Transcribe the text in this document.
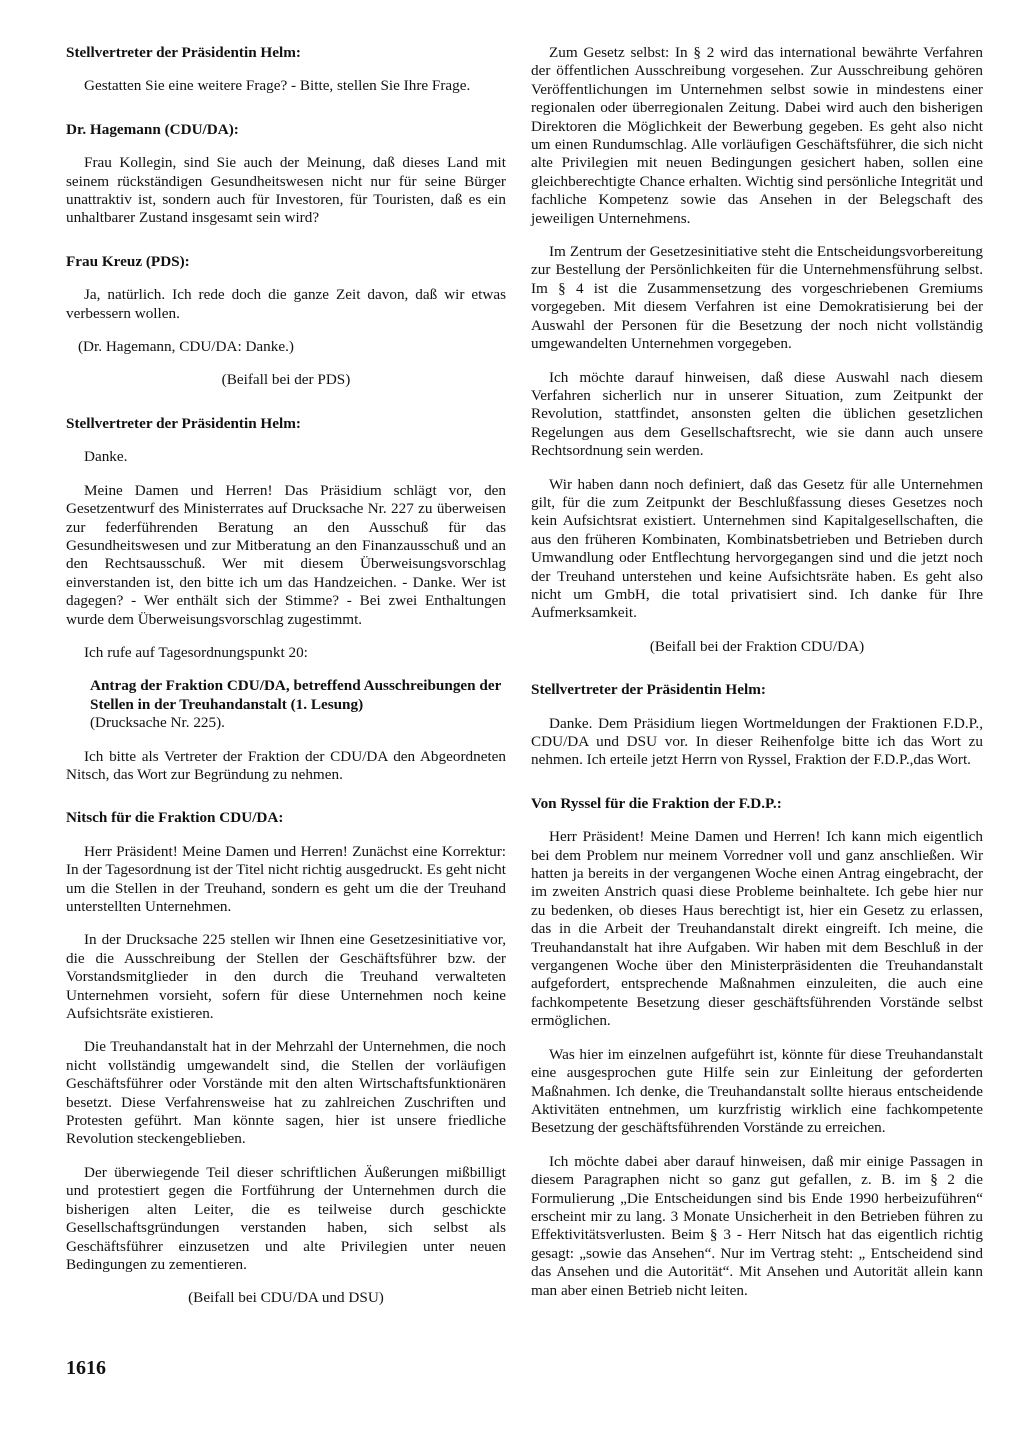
Stellvertreter der Präsidentin Helm:
Gestatten Sie eine weitere Frage? - Bitte, stellen Sie Ihre Frage.
Dr. Hagemann (CDU/DA):
Frau Kollegin, sind Sie auch der Meinung, daß dieses Land mit seinem rückständigen Gesundheitswesen nicht nur für seine Bürger unattraktiv ist, sondern auch für Investoren, für Touristen, daß es ein unhaltbarer Zustand insgesamt sein wird?
Frau Kreuz (PDS):
Ja, natürlich. Ich rede doch die ganze Zeit davon, daß wir etwas verbessern wollen.
(Dr. Hagemann, CDU/DA: Danke.)
(Beifall bei der PDS)
Stellvertreter der Präsidentin Helm:
Danke.
Meine Damen und Herren! Das Präsidium schlägt vor, den Gesetzentwurf des Ministerrates auf Drucksache Nr. 227 zu überweisen zur federführenden Beratung an den Ausschuß für das Gesundheitswesen und zur Mitberatung an den Finanzausschuß und an den Rechtsausschuß. Wer mit diesem Überweisungsvorschlag einverstanden ist, den bitte ich um das Handzeichen. - Danke. Wer ist dagegen? - Wer enthält sich der Stimme? - Bei zwei Enthaltungen wurde dem Überweisungsvorschlag zugestimmt.
Ich rufe auf Tagesordnungspunkt 20:
Antrag der Fraktion CDU/DA, betreffend Ausschreibungen der Stellen in der Treuhandanstalt (1. Lesung)
(Drucksache Nr. 225).
Ich bitte als Vertreter der Fraktion der CDU/DA den Abgeordneten Nitsch, das Wort zur Begründung zu nehmen.
Nitsch für die Fraktion CDU/DA:
Herr Präsident! Meine Damen und Herren! Zunächst eine Korrektur: In der Tagesordnung ist der Titel nicht richtig ausgedruckt. Es geht nicht um die Stellen in der Treuhand, sondern es geht um die der Treuhand unterstellten Unternehmen.
In der Drucksache 225 stellen wir Ihnen eine Gesetzesinitiative vor, die die Ausschreibung der Stellen der Geschäftsführer bzw. der Vorstandsmitglieder in den durch die Treuhand verwalteten Unternehmen vorsieht, sofern für diese Unternehmen noch keine Aufsichtsräte existieren.
Die Treuhandanstalt hat in der Mehrzahl der Unternehmen, die noch nicht vollständig umgewandelt sind, die Stellen der vorläufigen Geschäftsführer oder Vorstände mit den alten Wirtschaftsfunktionären besetzt. Diese Verfahrensweise hat zu zahlreichen Zuschriften und Protesten geführt. Man könnte sagen, hier ist unsere friedliche Revolution steckengeblieben.
Der überwiegende Teil dieser schriftlichen Äußerungen mißbilligt und protestiert gegen die Fortführung der Unternehmen durch die bisherigen alten Leiter, die es teilweise durch geschickte Gesellschaftsgründungen verstanden haben, sich selbst als Geschäftsführer einzusetzen und alte Privilegien unter neuen Bedingungen zu zementieren.
(Beifall bei CDU/DA und DSU)
Zum Gesetz selbst: In § 2 wird das international bewährte Verfahren der öffentlichen Ausschreibung vorgesehen. Zur Ausschreibung gehören Veröffentlichungen im Unternehmen selbst sowie in mindestens einer regionalen oder überregionalen Zeitung. Dabei wird auch den bisherigen Direktoren die Möglichkeit der Bewerbung gegeben. Es geht also nicht um einen Rundumschlag. Alle vorläufigen Geschäftsführer, die sich nicht alte Privilegien mit neuen Bedingungen gesichert haben, sollen eine gleichberechtigte Chance erhalten. Wichtig sind persönliche Integrität und fachliche Kompetenz sowie das Ansehen in der Belegschaft des jeweiligen Unternehmens.
Im Zentrum der Gesetzesinitiative steht die Entscheidungsvorbereitung zur Bestellung der Persönlichkeiten für die Unternehmensführung selbst. Im § 4 ist die Zusammensetzung des vorgeschriebenen Gremiums vorgegeben. Mit diesem Verfahren ist eine Demokratisierung bei der Auswahl der Personen für die Besetzung der noch nicht vollständig umgewandelten Unternehmen vorgegeben.
Ich möchte darauf hinweisen, daß diese Auswahl nach diesem Verfahren sicherlich nur in unserer Situation, zum Zeitpunkt der Revolution, stattfindet, ansonsten gelten die üblichen gesetzlichen Regelungen aus dem Gesellschaftsrecht, wie sie dann auch unsere Rechtsordnung sein werden.
Wir haben dann noch definiert, daß das Gesetz für alle Unternehmen gilt, für die zum Zeitpunkt der Beschlußfassung dieses Gesetzes noch kein Aufsichtsrat existiert. Unternehmen sind Kapitalgesellschaften, die aus den früheren Kombinaten, Kombinatsbetrieben und Betrieben durch Umwandlung oder Entflechtung hervorgegangen sind und die jetzt noch der Treuhand unterstehen und keine Aufsichtsräte haben. Es geht also nicht um GmbH, die total privatisiert sind. Ich danke für Ihre Aufmerksamkeit.
(Beifall bei der Fraktion CDU/DA)
Stellvertreter der Präsidentin Helm:
Danke. Dem Präsidium liegen Wortmeldungen der Fraktionen F.D.P., CDU/DA und DSU vor. In dieser Reihenfolge bitte ich das Wort zu nehmen. Ich erteile jetzt Herrn von Ryssel, Fraktion der F.D.P.,das Wort.
Von Ryssel für die Fraktion der F.D.P.:
Herr Präsident! Meine Damen und Herren! Ich kann mich eigentlich bei dem Problem nur meinem Vorredner voll und ganz anschließen. Wir hatten ja bereits in der vergangenen Woche einen Antrag eingebracht, der im zweiten Anstrich quasi diese Probleme beinhaltete. Ich gebe hier nur zu bedenken, ob dieses Haus berechtigt ist, hier ein Gesetz zu erlassen, das in die Arbeit der Treuhandanstalt direkt eingreift. Ich meine, die Treuhandanstalt hat ihre Aufgaben. Wir haben mit dem Beschluß in der vergangenen Woche über den Ministerpräsidenten die Treuhandanstalt aufgefordert, entsprechende Maßnahmen einzuleiten, die auch eine fachkompetente Besetzung dieser geschäftsführenden Vorstände selbst ermöglichen.
Was hier im einzelnen aufgeführt ist, könnte für diese Treuhandanstalt eine ausgesprochen gute Hilfe sein zur Einleitung der geforderten Maßnahmen. Ich denke, die Treuhandanstalt sollte hieraus entscheidende Aktivitäten entnehmen, um kurzfristig wirklich eine fachkompetente Besetzung der geschäftsführenden Vorstände zu erreichen.
Ich möchte dabei aber darauf hinweisen, daß mir einige Passagen in diesem Paragraphen nicht so ganz gut gefallen, z. B. im § 2 die Formulierung „Die Entscheidungen sind bis Ende 1990 herbeizuführen“ erscheint mir zu lang. 3 Monate Unsicherheit in den Betrieben führen zu Effektivitätsverlusten. Beim § 3 - Herr Nitsch hat das eigentlich richtig gesagt: „sowie das Ansehen“. Nur im Vertrag steht: „ Entscheidend sind das Ansehen und die Autorität“. Mit Ansehen und Autorität allein kann man aber einen Betrieb nicht leiten.
1616
